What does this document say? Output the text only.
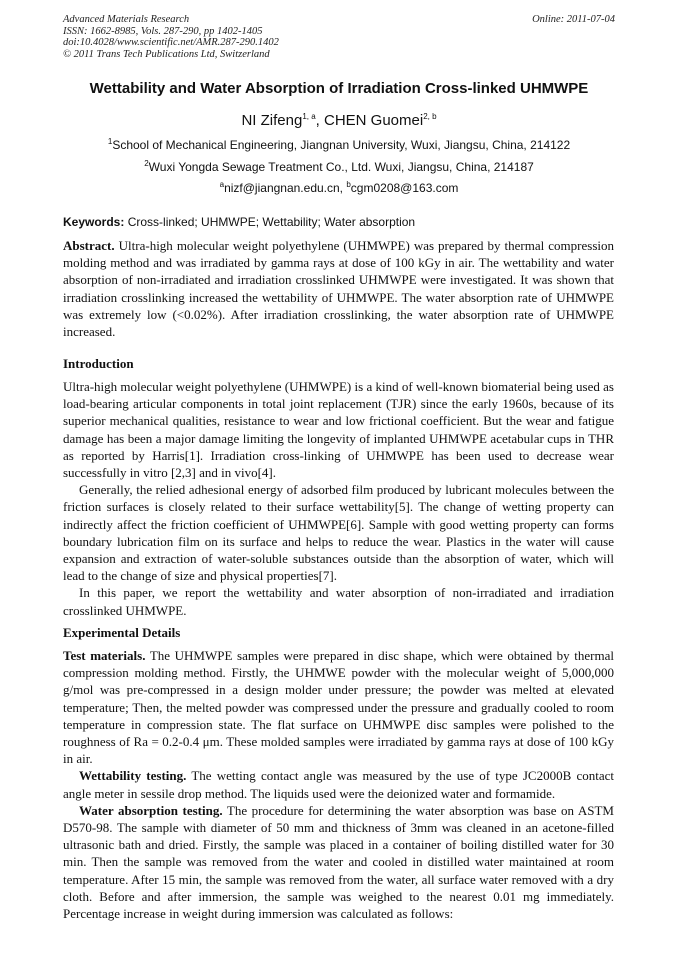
Advanced Materials Research
ISSN: 1662-8985, Vols. 287-290, pp 1402-1405
doi:10.4028/www.scientific.net/AMR.287-290.1402
© 2011 Trans Tech Publications Ltd, Switzerland
Online: 2011-07-04
Wettability and Water Absorption of Irradiation Cross-linked UHMWPE
NI Zifeng$^{1, a}$, CHEN Guomei$^{2, b}$
$^1$School of Mechanical Engineering, Jiangnan University, Wuxi, Jiangsu, China, 214122
$^2$Wuxi Yongda Sewage Treatment Co., Ltd. Wuxi, Jiangsu, China, 214187
$^a$nizf@jiangnan.edu.cn, $^b$cgm0208@163.com
Keywords: Cross-linked; UHMWPE; Wettability; Water absorption

Abstract. Ultra-high molecular weight polyethylene (UHMWPE) was prepared by thermal compression molding method and was irradiated by gamma rays at dose of 100 kGy in air. The wettability and water absorption of non-irradiated and irradiation crosslinked UHMWPE were investigated. It was shown that irradiation crosslinking increased the wettability of UHMWPE. The water absorption rate of UHMWPE was extremely low (<0.02%). After irradiation crosslinking, the water absorption rate of UHMWPE increased.

Introduction

Ultra-high molecular weight polyethylene (UHMWPE) is a kind of well-known biomaterial being used as load-bearing articular components in total joint replacement (TJR) since the early 1960s, because of its superior mechanical qualities, resistance to wear and low frictional coefficient. But the wear and fatigue damage has been a major damage limiting the longevity of implanted UHMWPE acetabular cups in THR as reported by Harris[1]. Irradiation cross-linking of UHMWPE has been used to decrease wear successfully in vitro [2,3] and in vivo[4].

Generally, the relied adhesional energy of adsorbed film produced by lubricant molecules between the friction surfaces is closely related to their surface wettability[5]. The change of wetting property can indirectly affect the friction coefficient of UHMWPE[6]. Sample with good wetting property can forms boundary lubrication film on its surface and helps to reduce the wear. Plastics in the water will cause expansion and extraction of water-soluble substances outside than the absorption of water, which will lead to the change of size and physical properties[7].

In this paper, we report the wettability and water absorption of non-irradiated and irradiation crosslinked UHMWPE.

Experimental Details

Test materials. The UHMWPE samples were prepared in disc shape, which were obtained by thermal compression molding method. Firstly, the UHMWE powder with the molecular weight of 5,000,000 g/mol was pre-compressed in a design molder under pressure; the powder was melted at elevated temperature; Then, the melted powder was compressed under the pressure and gradually cooled to room temperature in compression state. The flat surface on UHMWPE disc samples were polished to the roughness of Ra = 0.2-0.4 μm. These molded samples were irradiated by gamma rays at dose of 100 kGy in air.

Wettability testing. The wetting contact angle was measured by the use of type JC2000B contact angle meter in sessile drop method. The liquids used were the deionized water and formamide.

Water absorption testing. The procedure for determining the water absorption was base on ASTM D570-98. The sample with diameter of 50 mm and thickness of 3mm was cleaned in an acetone-filled ultrasonic bath and dried. Firstly, the sample was placed in a container of boiling distilled water for 30 min. Then the sample was removed from the water and cooled in distilled water maintained at room temperature. After 15 min, the sample was removed from the water, all surface water removed with a dry cloth. Before and after immersion, the sample was weighed to the nearest 0.01 mg immediately. Percentage increase in weight during immersion was calculated as follows:
